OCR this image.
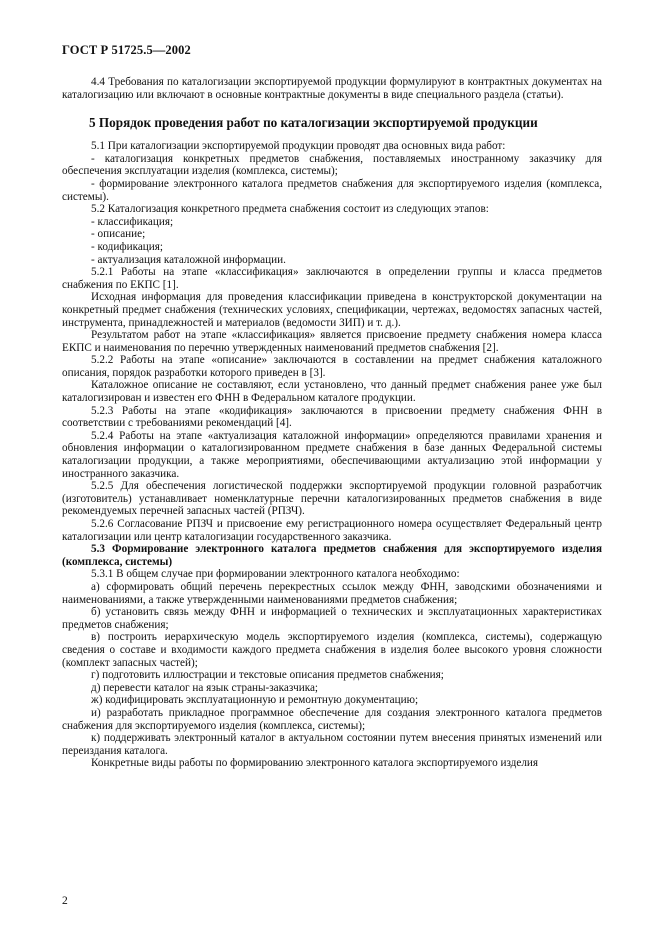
ГОСТ Р 51725.5—2002

4.4 Требования по каталогизации экспортируемой продукции формулируют в контрактных документах на каталогизацию или включают в основные контрактные документы в виде специального раздела (статьи).

5 Порядок проведения работ по каталогизации экспортируемой продукции

5.1 При каталогизации экспортируемой продукции проводят два основных вида работ:

- каталогизация конкретных предметов снабжения, поставляемых иностранному заказчику для обеспечения эксплуатации изделия (комплекса, системы);

- формирование электронного каталога предметов снабжения для экспортируемого изделия (комплекса, системы).

5.2 Каталогизация конкретного предмета снабжения состоит из следующих этапов:

- классификация;

- описание;

- кодификация;

- актуализация каталожной информации.

5.2.1 Работы на этапе «классификация» заключаются в определении группы и класса предметов снабжения по ЕКПС [1].

Исходная информация для проведения классификации приведена в конструкторской документации на конкретный предмет снабжения (технических условиях, спецификации, чертежах, ведомостях запасных частей, инструмента, принадлежностей и материалов (ведомости ЗИП) и т. д.).

Результатом работ на этапе «классификация» является присвоение предмету снабжения номера класса ЕКПС и наименования по перечню утвержденных наименований предметов снабжения [2].

5.2.2 Работы на этапе «описание» заключаются в составлении на предмет снабжения каталожного описания, порядок разработки которого приведен в [3].

Каталожное описание не составляют, если установлено, что данный предмет снабжения ранее уже был каталогизирован и известен его ФНН в Федеральном каталоге продукции.

5.2.3 Работы на этапе «кодификация» заключаются в присвоении предмету снабжения ФНН в соответствии с требованиями рекомендаций [4].

5.2.4 Работы на этапе «актуализация каталожной информации» определяются правилами хранения и обновления информации о каталогизированном предмете снабжения в базе данных Федеральной системы каталогизации продукции, а также мероприятиями, обеспечивающими актуализацию этой информации у иностранного заказчика.

5.2.5 Для обеспечения логистической поддержки экспортируемой продукции головной разработчик (изготовитель) устанавливает номенклатурные перечни каталогизированных предметов снабжения в виде рекомендуемых перечней запасных частей (РПЗЧ).

5.2.6 Согласование РПЗЧ и присвоение ему регистрационного номера осуществляет Федеральный центр каталогизации или центр каталогизации государственного заказчика.

5.3 Формирование электронного каталога предметов снабжения для экспортируемого изделия (комплекса, системы)

5.3.1 В общем случае при формировании электронного каталога необходимо:

а) сформировать общий перечень перекрестных ссылок между ФНН, заводскими обозначениями и наименованиями, а также утвержденными наименованиями предметов снабжения;

б) установить связь между ФНН и информацией о технических и эксплуатационных характеристиках предметов снабжения;

в) построить иерархическую модель экспортируемого изделия (комплекса, системы), содержащую сведения о составе и входимости каждого предмета снабжения в изделия более высокого уровня сложности (комплект запасных частей);

г) подготовить иллюстрации и текстовые описания предметов снабжения;

д) перевести каталог на язык страны-заказчика;

ж) кодифицировать эксплуатационную и ремонтную документацию;

и) разработать прикладное программное обеспечение для создания электронного каталога предметов снабжения для экспортируемого изделия (комплекса, системы);

к) поддерживать электронный каталог в актуальном состоянии путем внесения принятых изменений или переиздания каталога.

Конкретные виды работы по формированию электронного каталога экспортируемого изделия

2
